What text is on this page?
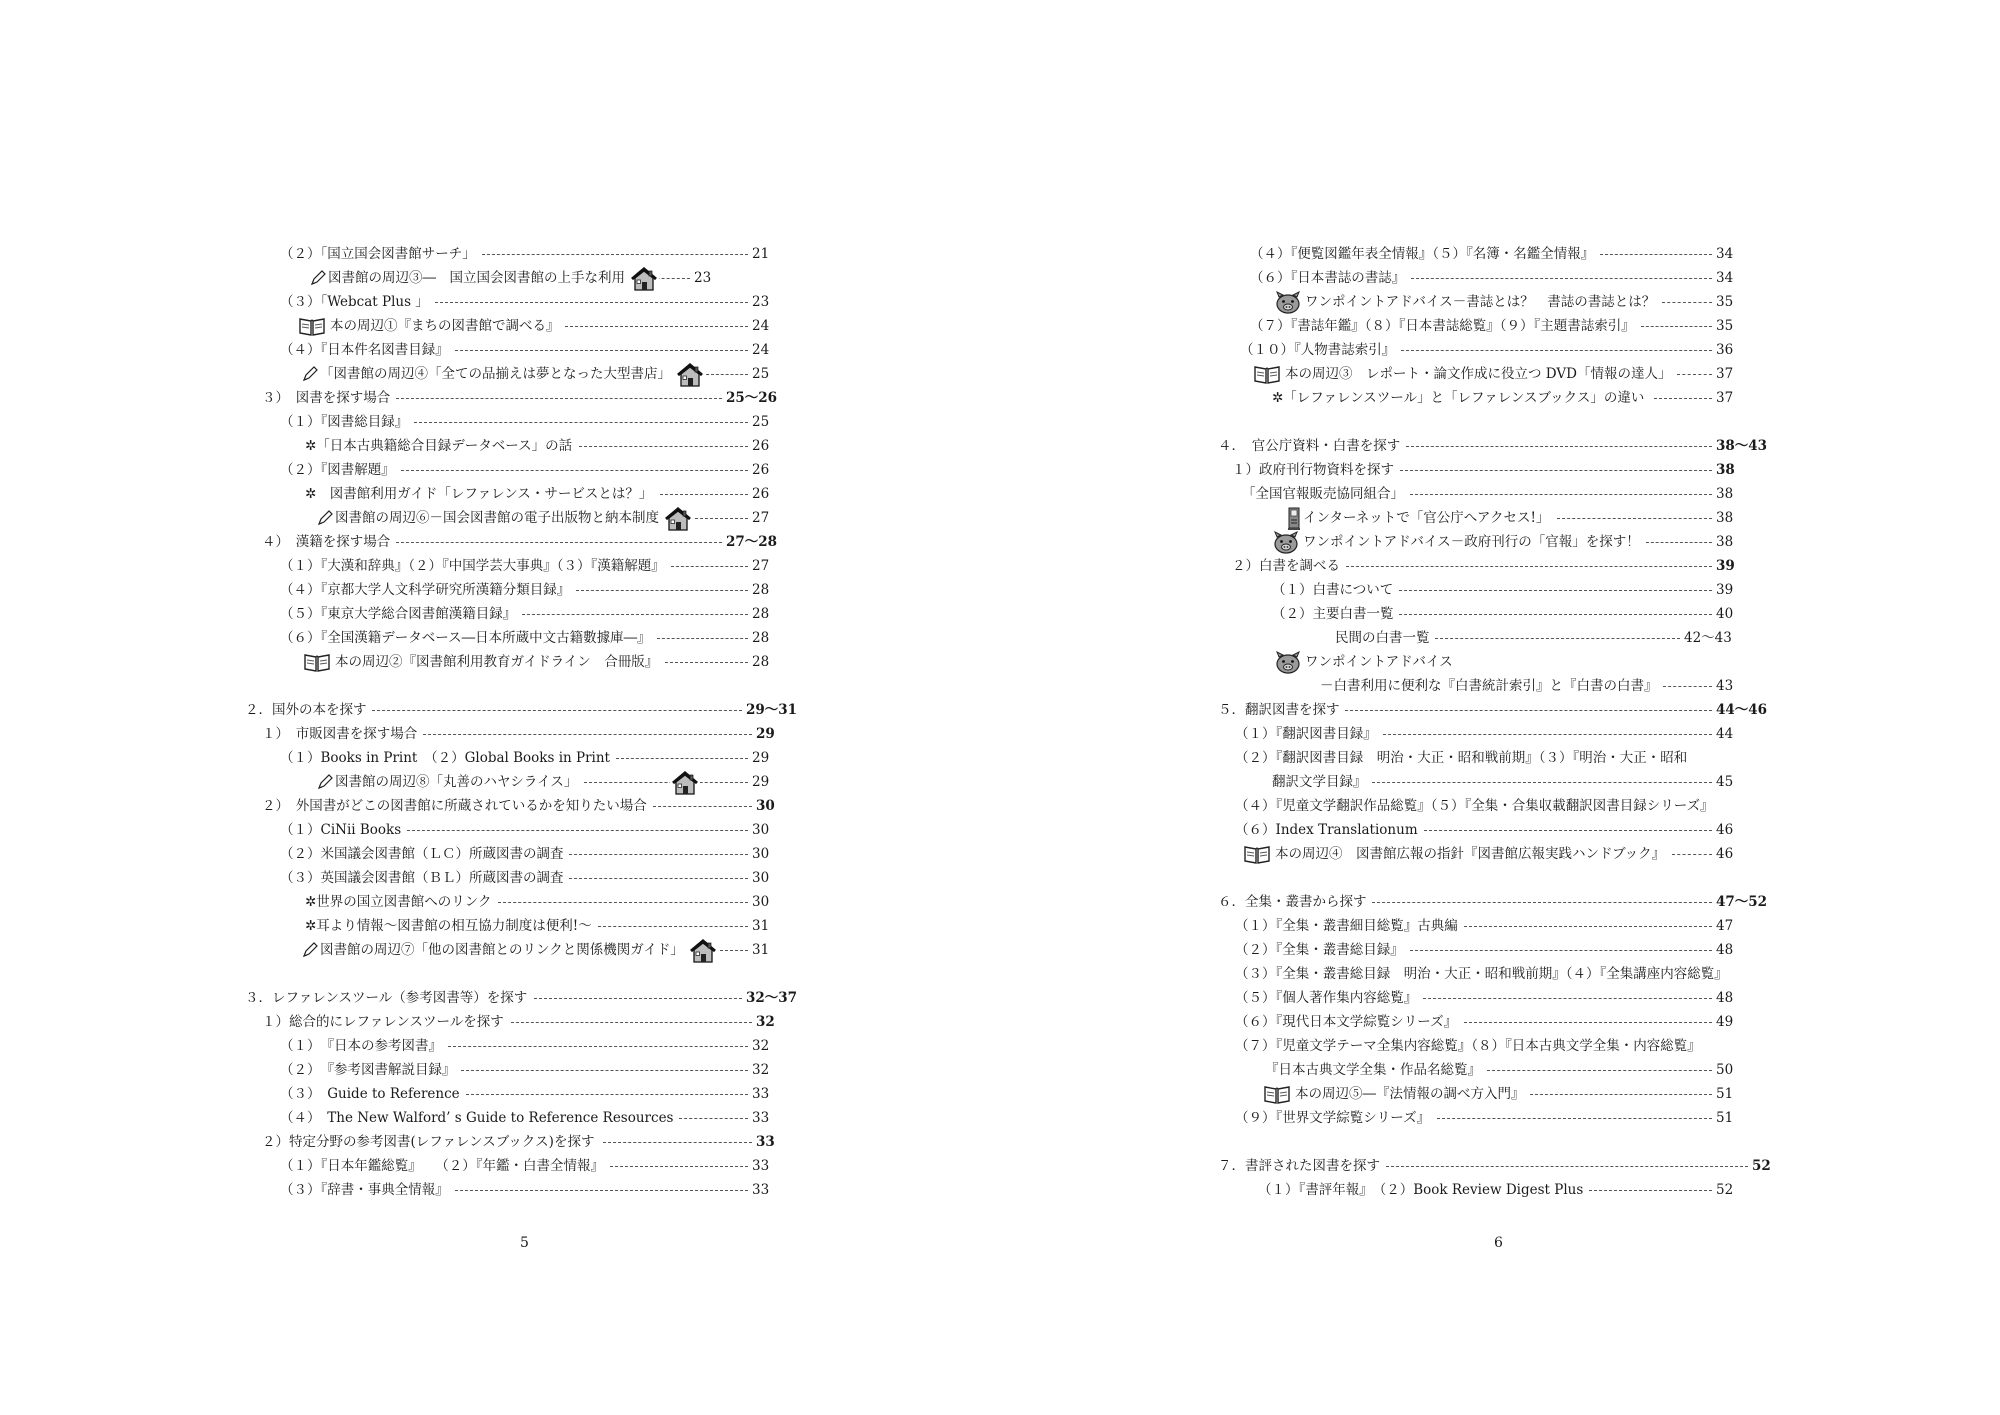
（２）「国立国会図書館サーチ」	21
図書館の周辺③―　国立国会図書館の上手な利用	23
（３）「Webcat Plus 」	23
本の周辺①『まちの図書館で調べる』	24
（４）『日本件名図書目録』	24
「図書館の周辺④「全ての品揃えは夢となった大型書店」	25
３）　図書を探す場合	25〜26
（１）『図書総目録』	25
✲「日本古典籍総合目録データベース」の話	26
（２）『図書解題』	26
✲　図書館利用ガイド「レファレンス・サービスとは？」	26
図書館の周辺⑥－国会図書館の電子出版物と納本制度	27
４）　漢籍を探す場合	27〜28
（１）『大漢和辞典』（２）『中国学芸大事典』（３）『漢籍解題』	27
（４）『京都大学人文科学研究所漢籍分類目録』	28
（５）『東京大学総合図書館漢籍目録』	28
（６）『全国漢籍データベース―日本所蔵中文古籍數據庫―』	28
本の周辺②『図書館利用教育ガイドライン　合冊版』	28
２．国外の本を探す	29〜31
１）　市販図書を探す場合	29
（１）Books in Print　（２）Global Books in Print	29
図書館の周辺⑧「丸善のハヤシライス」	29
２）　外国書がどこの図書館に所蔵されているかを知りたい場合	30
（１）CiNii Books	30
（２）米国議会図書館（ＬＣ）所蔵図書の調査	30
（３）英国議会図書館（ＢＬ）所蔵図書の調査	30
✲世界の国立図書館へのリンク	30
✲耳より情報～図書館の相互協力制度は便利!～	31
図書館の周辺⑦「他の図書館とのリンクと関係機関ガイド」	31
３．レファレンスツール（参考図書等）を探す	32〜37
１）総合的にレファレンスツールを探す	32
（１）　『日本の参考図書』	32
（２）　『参考図書解説目録』	32
（３）　Guide to Reference	33
（４）　The New Walford’ s Guide to Reference Resources	33
２）特定分野の参考図書(レファレンスブックス)を探す	33
（１）『日本年鑑総覧』　　（２）『年鑑・白書全情報』	33
（３）『辞書・事典全情報』	33
5
（４）『便覧図鑑年表全情報』（５）『名簿・名鑑全情報』	34
（６）『日本書誌の書誌』	34
ワンポイントアドバイス－書誌とは？　書誌の書誌とは？	35
（７）『書誌年鑑』（８）『日本書誌総覧』（９）『主題書誌索引』	35
（１０）『人物書誌索引』	36
本の周辺③　レポート・論文作成に役立つ DVD「情報の達人」	37
✲「レファレンスツール」と「レファレンスブックス」の違い	37
４．　官公庁資料・白書を探す	38〜43
１）政府刊行物資料を探す	38
「全国官報販売協同組合」	38
インターネットで「官公庁へアクセス!」	38
ワンポイントアドバイス－政府刊行の「官報」を探す！	38
２）白書を調べる	39
（１）白書について	39
（２）主要白書一覧	40
民間の白書一覧	42〜43
ワンポイントアドバイス
－白書利用に便利な『白書統計索引』と『白書の白書』	43
５．翻訳図書を探す	44〜46
（１）『翻訳図書目録』	44
（２）『翻訳図書目録　明治・大正・昭和戦前期』（３）『明治・大正・昭和
翻訳文学目録』	45
（４）『児童文学翻訳作品総覧』（５）『全集・合集収載翻訳図書目録シリーズ』
（６）Index Translationum	46
本の周辺④　図書館広報の指針『図書館広報実践ハンドブック』	46
６．全集・叢書から探す	47〜52
（１）『全集・叢書細目総覧』古典編	47
（２）『全集・叢書総目録』	48
（３）『全集・叢書総目録　明治・大正・昭和戦前期』（４）『全集講座内容総覧』
（５）『個人著作集内容総覧』	48
（６）『現代日本文学綜覧シリーズ』	49
（７）『児童文学テーマ全集内容総覧』（８）『日本古典文学全集・内容総覧』
『日本古典文学全集・作品名総覧』	50
本の周辺⑤―『法情報の調べ方入門』	51
（９）『世界文学綜覧シリーズ』	51
７．書評された図書を探す	52
（１）『書評年報』　（２）Book Review Digest Plus	52
6
